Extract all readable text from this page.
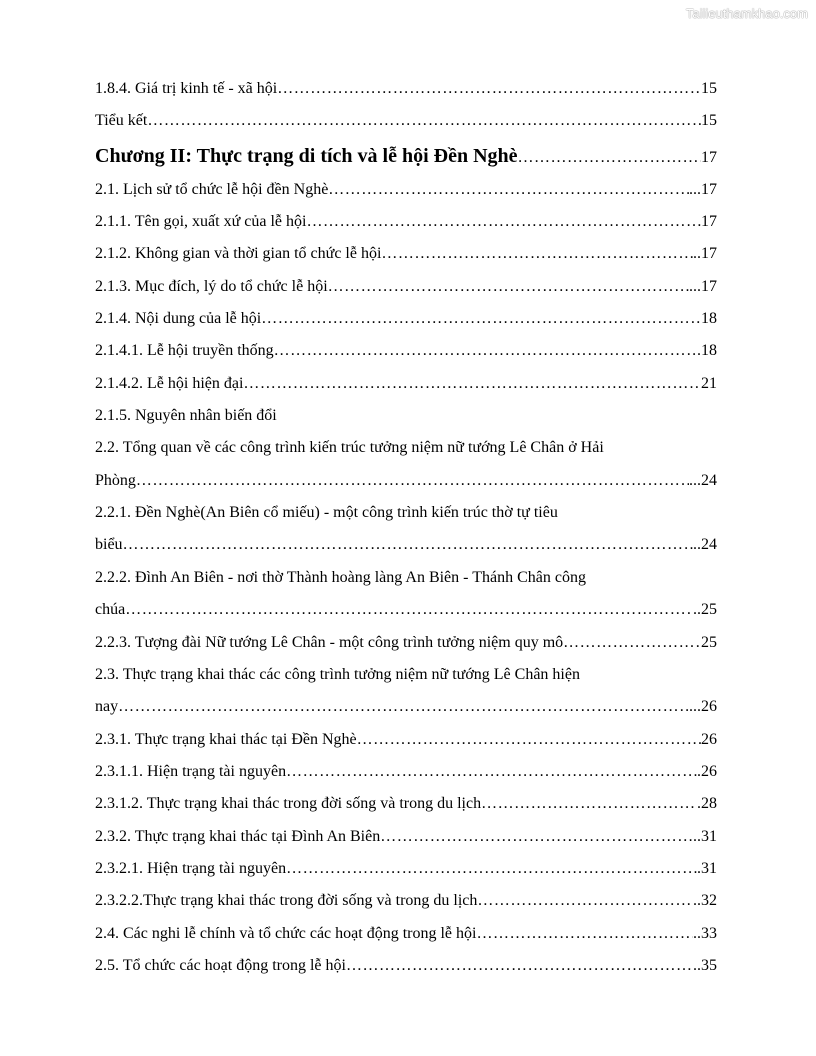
Tailieuthamkhao.com
1.8.4. Giá trị kinh tế - xã hội …………………………………………………………………………………………………………………………………………	15
Tiểu kết …………………………………………………………………………………………………………………………………………	15
Chương II: Thực trạng di tích và lễ hội Đền Nghè …………………………………………………………………………………………………………………………………………	17
2.1. Lịch sử tổ chức lễ hội đền Nghè …………………………………………………………………………………………………………………………………………	...17
2.1.1. Tên gọi, xuất xứ của lễ hội …………………………………………………………………………………………………………………………………………	17
2.1.2. Không gian và thời gian tổ chức lễ hội …………………………………………………………………………………………………………………………………………	..17
2.1.3. Mục đích, lý do tổ chức lễ hội …………………………………………………………………………………………………………………………………………	...17
2.1.4. Nội dung của lễ hội …………………………………………………………………………………………………………………………………………	18
2.1.4.1. Lễ hội truyền thống …………………………………………………………………………………………………………………………………………	.18
2.1.4.2. Lễ hội hiện đại …………………………………………………………………………………………………………………………………………	21
2.1.5. Nguyên nhân biến đổi
2.2. Tổng quan về các công trình kiến trúc tưởng niệm nữ tướng Lê Chân ở Hải
Phòng …………………………………………………………………………………………………………………………………………	...24
2.2.1. Đền Nghè(An Biên cổ miếu) - một công trình kiến trúc thờ tự tiêu
biểu …………………………………………………………………………………………………………………………………………	..24
2.2.2. Đình An Biên - nơi thờ Thành hoàng làng An Biên - Thánh Chân công
chúa …………………………………………………………………………………………………………………………………………	..25
2.2.3. Tượng đài Nữ tướng Lê Chân - một công trình tưởng niệm quy mô …………………………………………………………………………………………………………………………………………	25
2.3. Thực trạng khai thác các công trình tưởng niệm nữ tướng Lê Chân hiện
nay …………………………………………………………………………………………………………………………………………	...26
2.3.1. Thực trạng khai thác tại Đền Nghè …………………………………………………………………………………………………………………………………………	26
2.3.1.1. Hiện trạng tài nguyên …………………………………………………………………………………………………………………………………………	.26
2.3.1.2. Thực trạng khai thác trong đời sống và trong du lịch …………………………………………………………………………………………………………………………………………	.28
2.3.2. Thực trạng khai thác tại Đình An Biên …………………………………………………………………………………………………………………………………………	..31
2.3.2.1. Hiện trạng tài nguyên …………………………………………………………………………………………………………………………………………	.31
2.3.2.2.Thực trạng khai thác trong đời sống và trong du lịch …………………………………………………………………………………………………………………………………………	..32
2.4. Các nghi lễ chính và tổ chức các hoạt động trong lễ hội …………………………………………………………………………………………………………………………………………	..33
2.5. Tổ chức các hoạt động trong lễ hội …………………………………………………………………………………………………………………………………………	..35
